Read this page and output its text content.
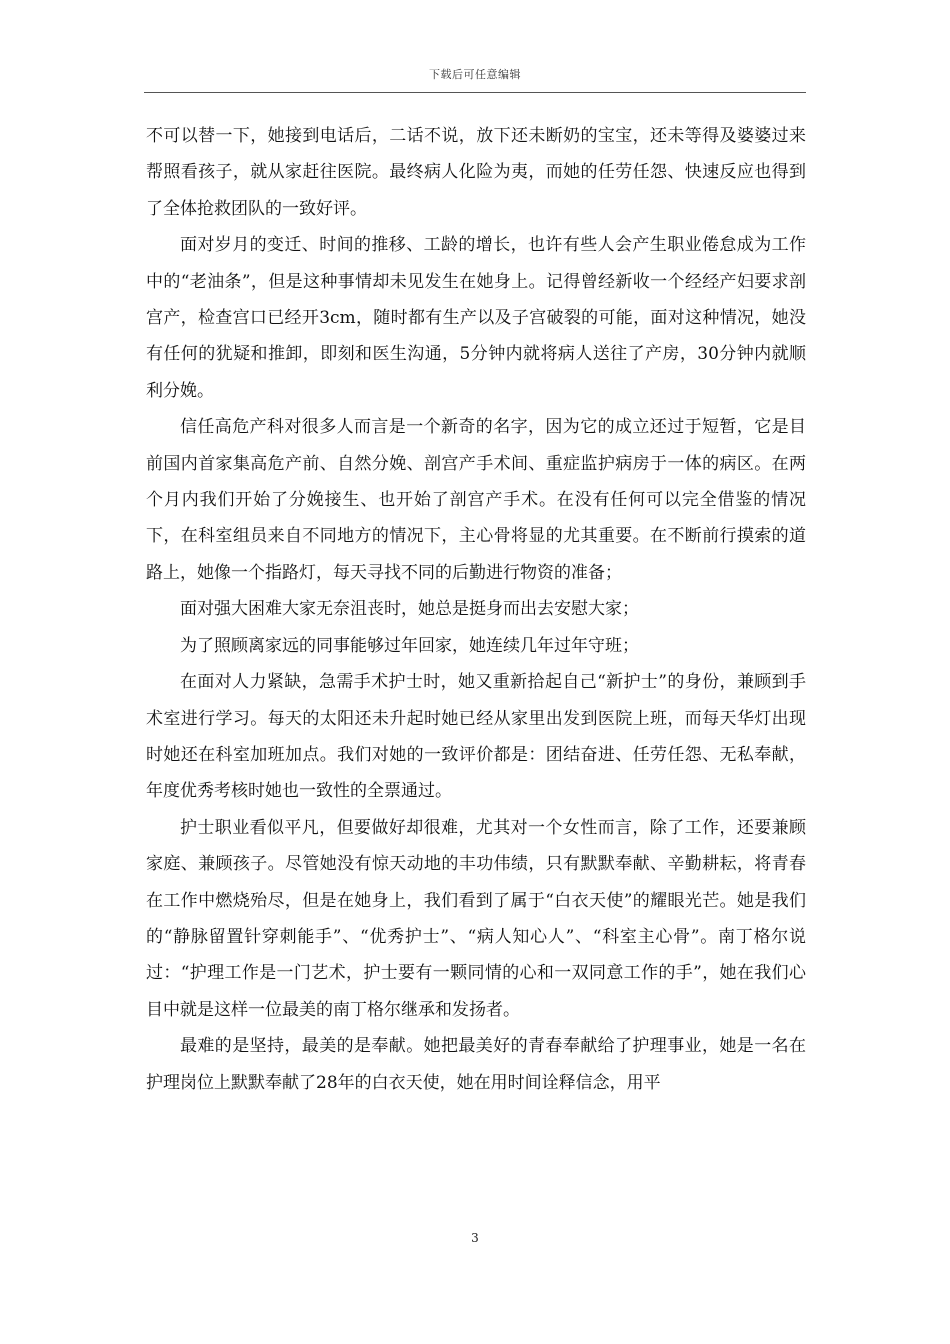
下载后可任意编辑

不可以替一下，她接到电话后，二话不说，放下还未断奶的宝宝，还未等得及婆婆过来帮照看孩子，就从家赶往医院。最终病人化险为夷，而她的任劳任怨、快速反应也得到了全体抢救团队的一致好评。

面对岁月的变迁、时间的推移、工龄的增长，也许有些人会产生职业倦怠成为工作中的“老油条”，但是这种事情却未见发生在她身上。记得曾经新收一个经经产妇要求剖宫产，检查宫口已经开3cm，随时都有生产以及子宫破裂的可能，面对这种情况，她没有任何的犹疑和推卸，即刻和医生沟通，5分钟内就将病人送往了产房，30分钟内就顺利分娩。

信任高危产科对很多人而言是一个新奇的名字，因为它的成立还过于短暂，它是目前国内首家集高危产前、自然分娩、剖宫产手术间、重症监护病房于一体的病区。在两个月内我们开始了分娩接生、也开始了剖宫产手术。在没有任何可以完全借鉴的情况下，在科室组员来自不同地方的情况下，主心骨将显的尤其重要。在不断前行摸索的道路上，她像一个指路灯，每天寻找不同的后勤进行物资的准备；

面对强大困难大家无奈沮丧时，她总是挺身而出去安慰大家；

为了照顾离家远的同事能够过年回家，她连续几年过年守班；

在面对人力紧缺，急需手术护士时，她又重新拾起自己“新护士”的身份，兼顾到手术室进行学习。每天的太阳还未升起时她已经从家里出发到医院上班，而每天华灯出现时她还在科室加班加点。我们对她的一致评价都是：团结奋进、任劳任怨、无私奉献，年度优秀考核时她也一致性的全票通过。

护士职业看似平凡，但要做好却很难，尤其对一个女性而言，除了工作，还要兼顾家庭、兼顾孩子。尽管她没有惊天动地的丰功伟绩，只有默默奉献、辛勤耕耘，将青春在工作中燃烧殆尽，但是在她身上，我们看到了属于“白衣天使”的耀眼光芒。她是我们的“静脉留置针穿刺能手”、“优秀护士”、“病人知心人”、“科室主心骨”。南丁格尔说过：“护理工作是一门艺术，护士要有一颗同情的心和一双同意工作的手”，她在我们心目中就是这样一位最美的南丁格尔继承和发扬者。

最难的是坚持，最美的是奉献。她把最美好的青春奉献给了护理事业，她是一名在护理岗位上默默奉献了28年的白衣天使，她在用时间诠释信念，用平

3
